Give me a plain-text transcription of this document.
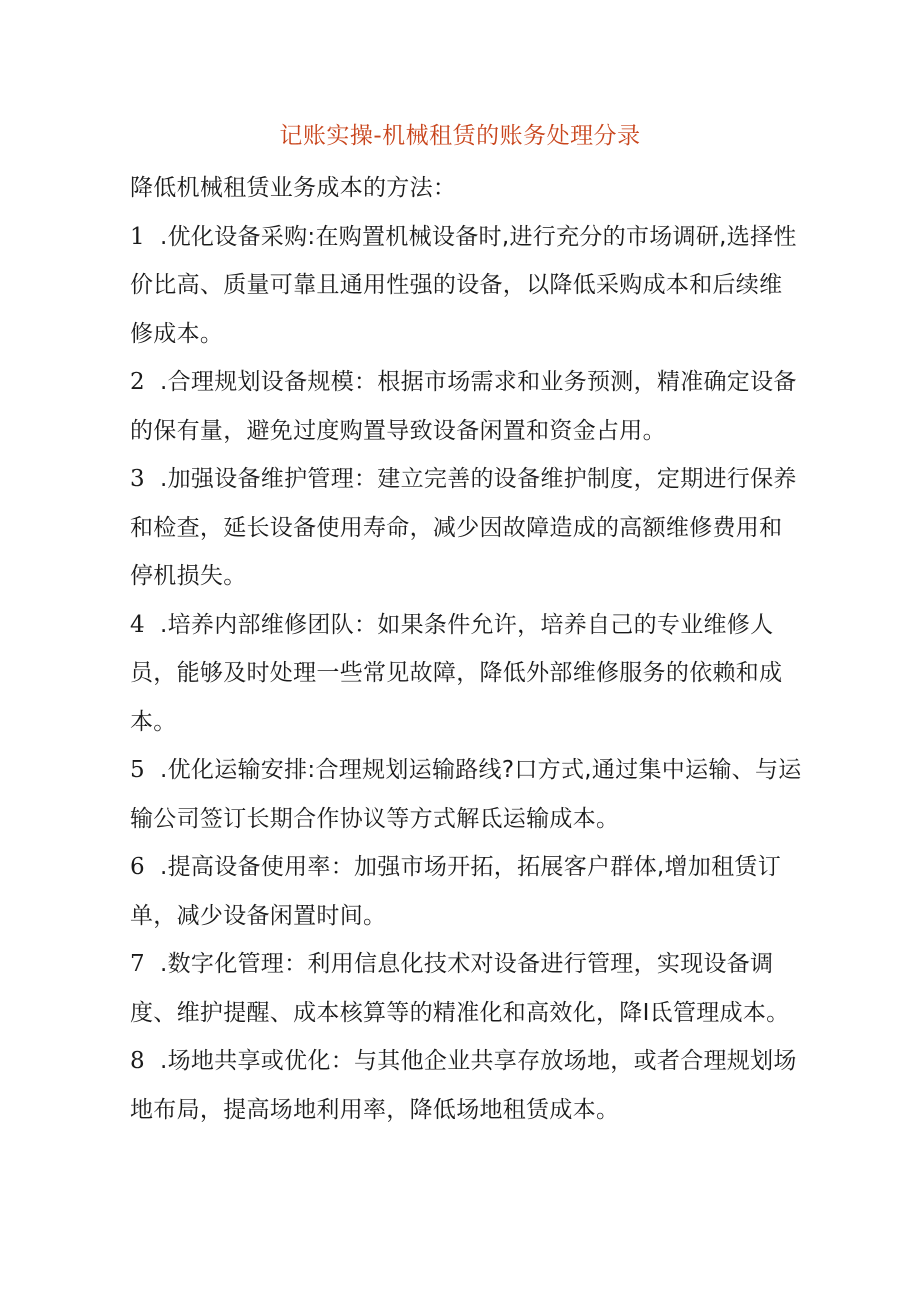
记账实操-机械租赁的账务处理分录

降低机械租赁业务成本的方法：

1 .优化设备采购:在购置机械设备时,进行充分的市场调研,选择性价比高、质量可靠且通用性强的设备，以降低采购成本和后续维修成本。

2 .合理规划设备规模：根据市场需求和业务预测，精准确定设备的保有量，避免过度购置导致设备闲置和资金占用。

3 .加强设备维护管理：建立完善的设备维护制度，定期进行保养和检查，延长设备使用寿命，减少因故障造成的高额维修费用和停机损失。

4 .培养内部维修团队：如果条件允许，培养自己的专业维修人员，能够及时处理一些常见故障，降低外部维修服务的依赖和成本。

5 .优化运输安排:合理规划运输路线?口方式,通过集中运输、与运输公司签订长期合作协议等方式解氐运输成本。

6 .提高设备使用率：加强市场开拓，拓展客户群体,增加租赁订单，减少设备闲置时间。

7 .数字化管理：利用信息化技术对设备进行管理，实现设备调度、维护提醒、成本核算等的精准化和高效化，降I氐管理成本。

8 .场地共享或优化：与其他企业共享存放场地，或者合理规划场地布局，提高场地利用率，降低场地租赁成本。
